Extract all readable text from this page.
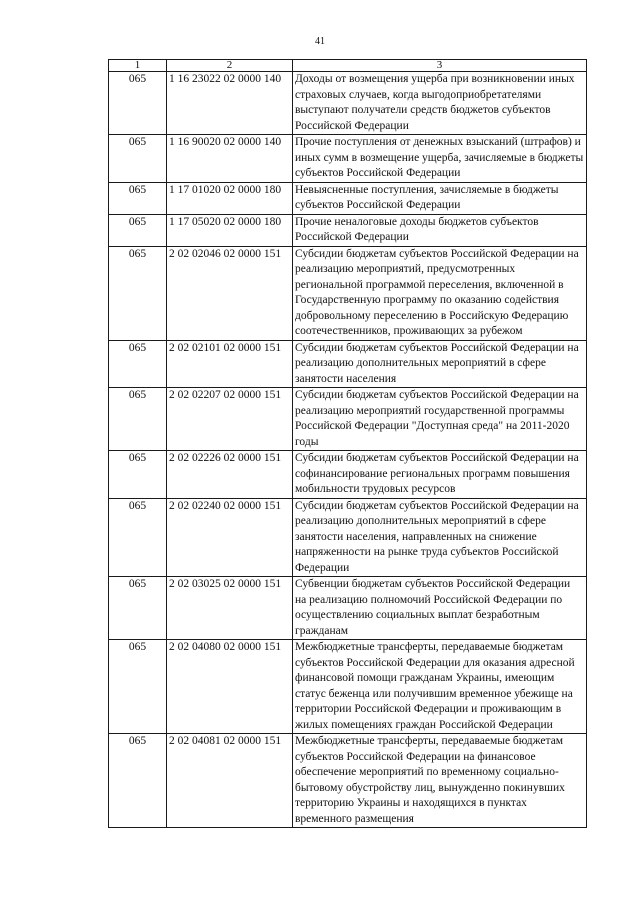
41
1	2	3
065	1 16 23022 02 0000 140	Доходы от возмещения ущерба при возникновении иных страховых случаев, когда выгодоприобретателями выступают получатели средств бюджетов субъектов Российской Федерации
065	1 16 90020 02 0000 140	Прочие поступления от денежных взысканий (штрафов) и иных сумм в возмещение ущерба, зачисляемые в бюджеты субъектов Российской Федерации
065	1 17 01020 02 0000 180	Невыясненные поступления, зачисляемые в бюджеты субъектов Российской Федерации
065	1 17 05020 02 0000 180	Прочие неналоговые доходы бюджетов субъектов Российской Федерации
065	2 02 02046 02 0000 151	Субсидии бюджетам субъектов Российской Федерации на реализацию мероприятий, предусмотренных региональной программой переселения, включенной в Государственную программу по оказанию содействия добровольному переселению в Российскую Федерацию соотечественников, проживающих за рубежом
065	2 02 02101 02 0000 151	Субсидии бюджетам субъектов Российской Федерации на реализацию дополнительных мероприятий в сфере занятости населения
065	2 02 02207 02 0000 151	Субсидии бюджетам субъектов Российской Федерации на реализацию мероприятий государственной программы Российской Федерации "Доступная среда" на 2011-2020 годы
065	2 02 02226 02 0000 151	Субсидии бюджетам субъектов Российской Федерации на софинансирование региональных программ повышения мобильности трудовых ресурсов
065	2 02 02240 02 0000 151	Субсидии бюджетам субъектов Российской Федерации на реализацию дополнительных мероприятий в сфере занятости населения, направленных на снижение напряженности на рынке труда субъектов Российской Федерации
065	2 02 03025 02 0000 151	Субвенции бюджетам субъектов Российской Федерации на реализацию полномочий Российской Федерации по осуществлению социальных выплат безработным гражданам
065	2 02 04080 02 0000 151	Межбюджетные трансферты, передаваемые бюджетам субъектов Российской Федерации для оказания адресной финансовой помощи гражданам Украины, имеющим статус беженца или получившим временное убежище на территории Российской Федерации и проживающим в жилых помещениях граждан Российской Федерации
065	2 02 04081 02 0000 151	Межбюджетные трансферты, передаваемые бюджетам субъектов Российской Федерации на финансовое обеспечение мероприятий по временному социально-бытовому обустройству лиц, вынужденно покинувших территорию Украины и находящихся в пунктах временного размещения
